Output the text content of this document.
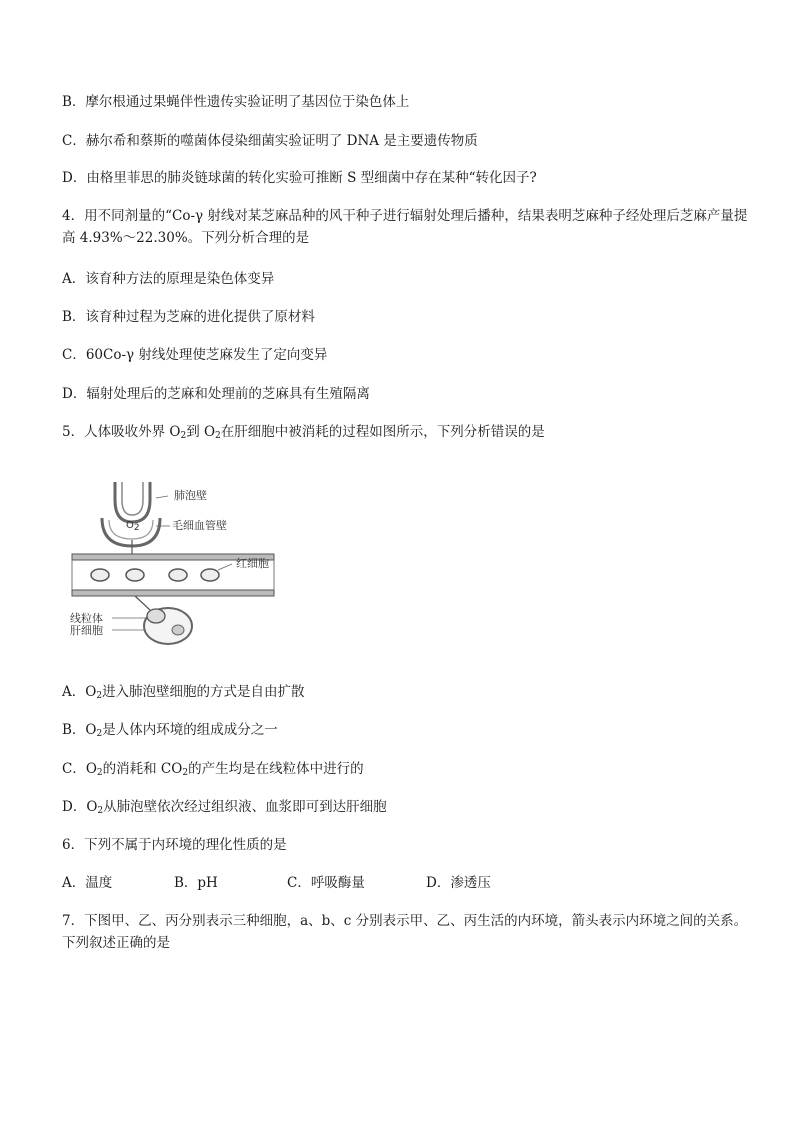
B．摩尔根通过果蝇伴性遗传实验证明了基因位于染色体上
C．赫尔希和蔡斯的噬菌体侵染细菌实验证明了 DNA 是主要遗传物质
D．由格里菲思的肺炎链球菌的转化实验可推断 S 型细菌中存在某种“转化因子?
4．用不同剂量的“Co-γ 射线对某芝麻品种的风干种子进行辐射处理后播种，结果表明芝麻种子经处理后芝麻产量提高 4.93%～22.30%。下列分析合理的是
A．该育种方法的原理是染色体变异
B．该育种过程为芝麻的进化提供了原材料
C．60Co-γ 射线处理使芝麻发生了定向变异
D．辐射处理后的芝麻和处理前的芝麻具有生殖隔离
5．人体吸收外界 $O_2$到 $O_2$在肝细胞中被消耗的过程如图所示，下列分析错误的是
肺泡壁
$O_2$	毛细血管壁
红细胞
线粒体
肝细胞
A．$O_2$进入肺泡壁细胞的方式是自由扩散
B．$O_2$是人体内环境的组成成分之一
C．$O_2$的消耗和 $CO_2$的产生均是在线粒体中进行的
D．$O_2$从肺泡壁依次经过组织液、血浆即可到达肝细胞
6．下列不属于内环境的理化性质的是
A．温度	B．pH	C．呼吸酶量	D．渗透压
7．下图甲、乙、丙分别表示三种细胞，a、b、c 分别表示甲、乙、丙生活的内环境，箭头表示内环境之间的关系。下列叙述正确的是
